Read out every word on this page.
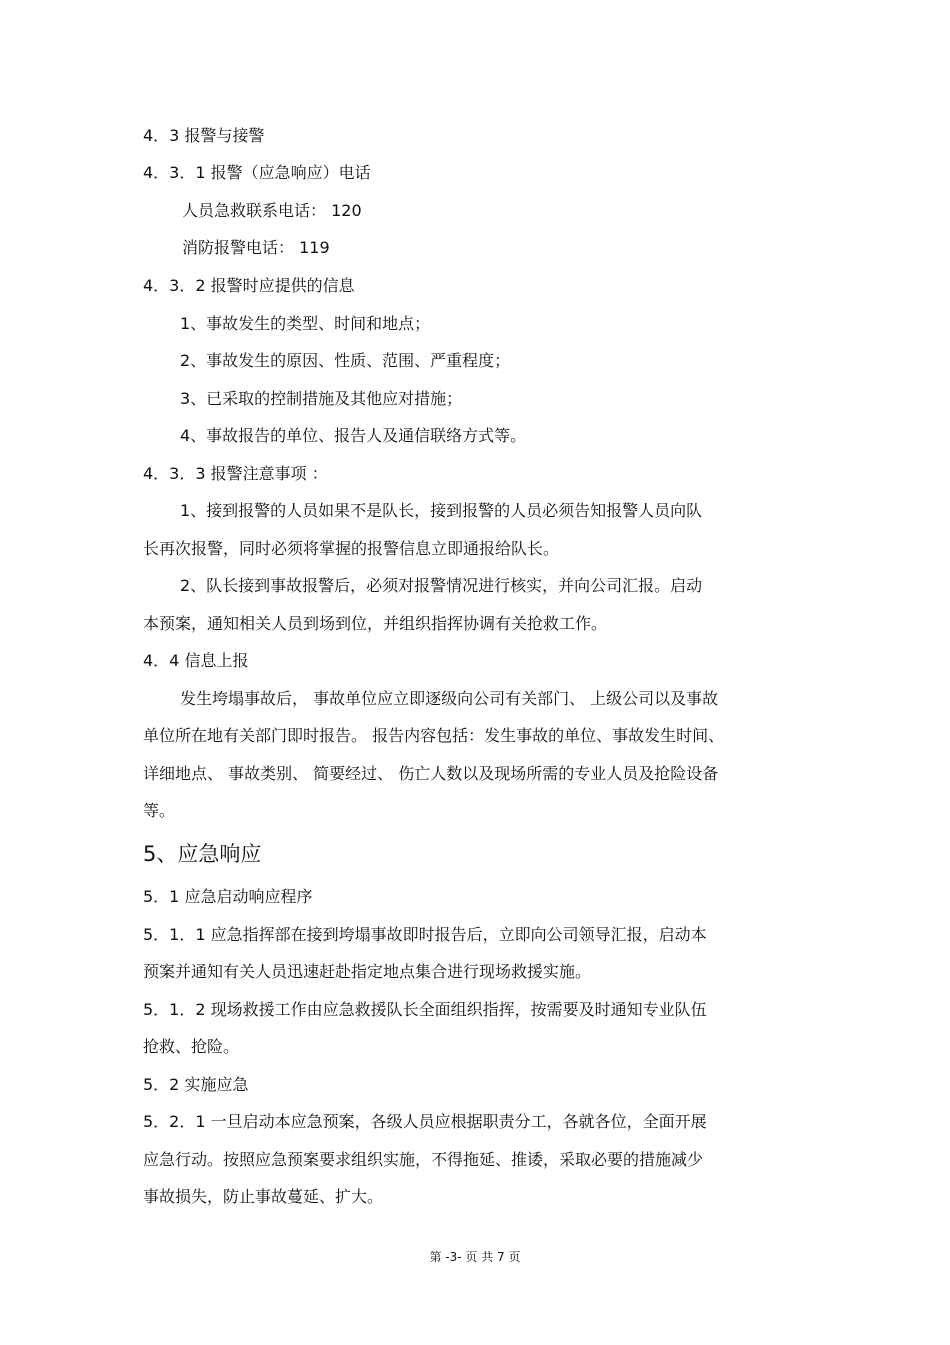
4．3 报警与接警
4．3．1 报警（应急响应）电话
人员急救联系电话： 120
消防报警电话： 119
4．3．2 报警时应提供的信息
1、事故发生的类型、时间和地点；
2、事故发生的原因、性质、范围、严重程度；
3、已采取的控制措施及其他应对措施；
4、事故报告的单位、报告人及通信联络方式等。
4．3．3 报警注意事项 ：
1、接到报警的人员如果不是队长，接到报警的人员必须告知报警人员向队
长再次报警，同时必须将掌握的报警信息立即通报给队长。
2、队长接到事故报警后，必须对报警情况进行核实，并向公司汇报。启动
本预案，通知相关人员到场到位，并组织指挥协调有关抢救工作。
4．4 信息上报
发生垮塌事故后， 事故单位应立即逐级向公司有关部门、 上级公司以及事故
单位所在地有关部门即时报告。 报告内容包括：发生事故的单位、事故发生时间、
详细地点、 事故类别、 简要经过、 伤亡人数以及现场所需的专业人员及抢险设备
等。
5、应急响应
5．1 应急启动响应程序
5．1．1 应急指挥部在接到垮塌事故即时报告后，立即向公司领导汇报，启动本
预案并通知有关人员迅速赶赴指定地点集合进行现场救援实施。
5．1．2 现场救援工作由应急救援队长全面组织指挥，按需要及时通知专业队伍
抢救、抢险。
5．2 实施应急
5．2．1 一旦启动本应急预案，各级人员应根据职责分工，各就各位，全面开展
应急行动。按照应急预案要求组织实施，不得拖延、推诿，采取必要的措施减少
事故损失，防止事故蔓延、扩大。
第 -3- 页 共 7 页
